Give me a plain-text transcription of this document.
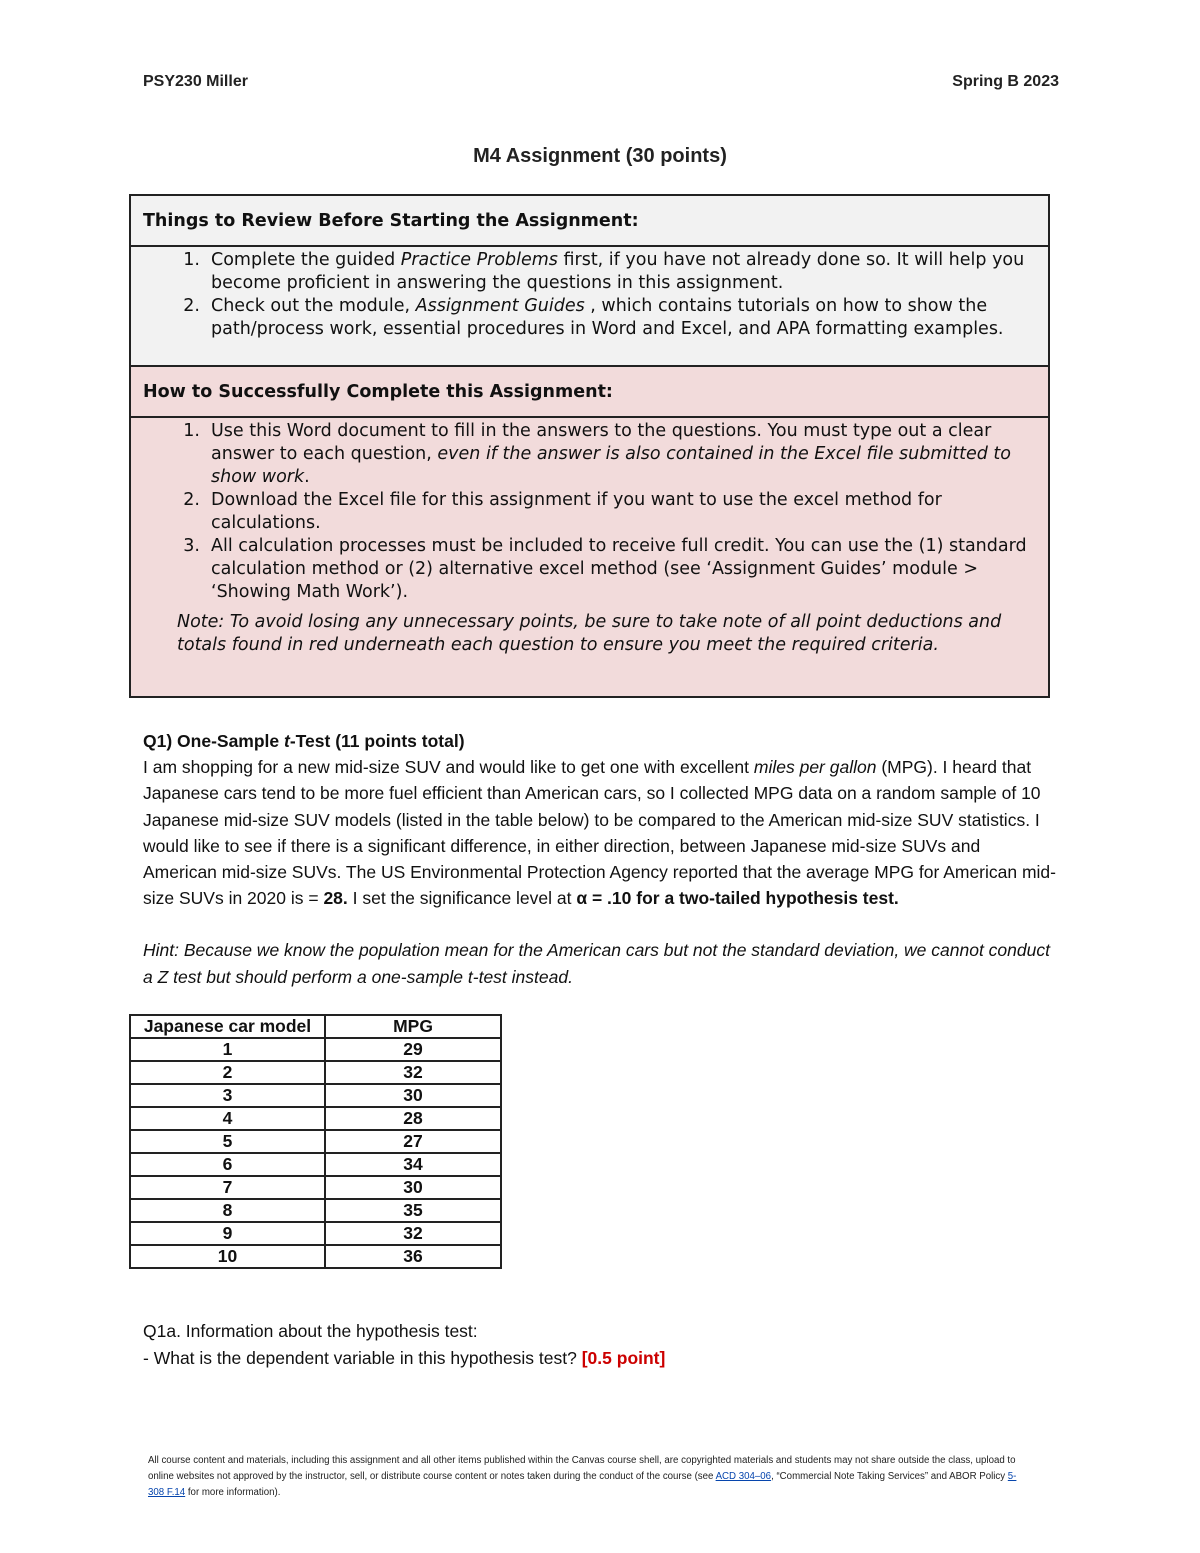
PSY230 Miller	Spring B 2023
M4 Assignment (30 points)
Things to Review Before Starting the Assignment:
1. Complete the guided Practice Problems first, if you have not already done so. It will help you become proficient in answering the questions in this assignment.
2. Check out the module, Assignment Guides , which contains tutorials on how to show the path/process work, essential procedures in Word and Excel, and APA formatting examples.
How to Successfully Complete this Assignment:
1. Use this Word document to fill in the answers to the questions. You must type out a clear answer to each question, even if the answer is also contained in the Excel file submitted to show work.
2. Download the Excel file for this assignment if you want to use the excel method for calculations.
3. All calculation processes must be included to receive full credit. You can use the (1) standard calculation method or (2) alternative excel method (see ‘Assignment Guides’ module > ‘Showing Math Work’).
Note: To avoid losing any unnecessary points, be sure to take note of all point deductions and totals found in red underneath each question to ensure you meet the required criteria.
Q1) One-Sample t-Test (11 points total)
I am shopping for a new mid-size SUV and would like to get one with excellent miles per gallon (MPG). I heard that Japanese cars tend to be more fuel efficient than American cars, so I collected MPG data on a random sample of 10 Japanese mid-size SUV models (listed in the table below) to be compared to the American mid-size SUV statistics. I would like to see if there is a significant difference, in either direction, between Japanese mid-size SUVs and American mid-size SUVs. The US Environmental Protection Agency reported that the average MPG for American mid-size SUVs in 2020 is = 28. I set the significance level at α = .10 for a two-tailed hypothesis test.
Hint: Because we know the population mean for the American cars but not the standard deviation, we cannot conduct a Z test but should perform a one-sample t-test instead.
Japanese car model	MPG
1	29
2	32
3	30
4	28
5	27
6	34
7	30
8	35
9	32
10	36
Q1a. Information about the hypothesis test:
- What is the dependent variable in this hypothesis test? [0.5 point]
All course content and materials, including this assignment and all other items published within the Canvas course shell, are copyrighted materials and students may not share outside the class, upload to online websites not approved by the instructor, sell, or distribute course content or notes taken during the conduct of the course (see ACD 304–06, “Commercial Note Taking Services” and ABOR Policy 5-308 F.14 for more information).
